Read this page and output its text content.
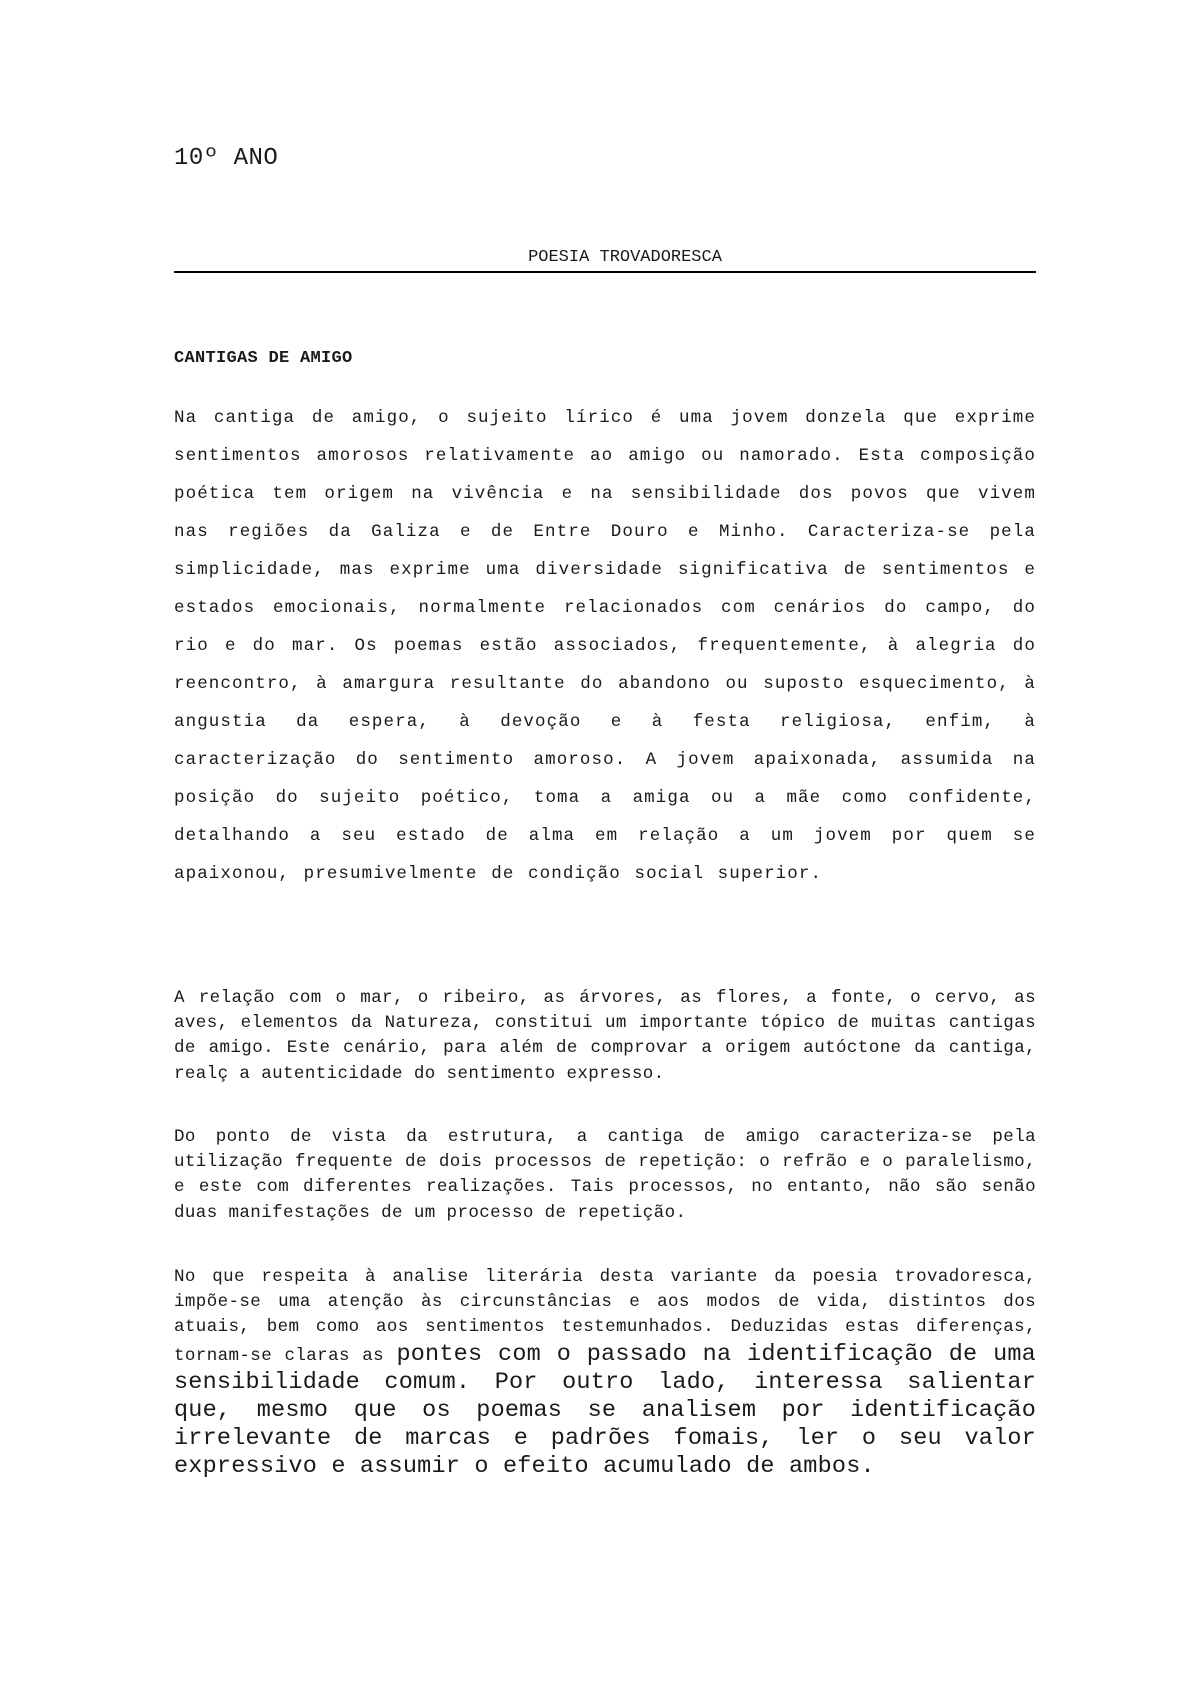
10º ANO
POESIA TROVADORESCA
CANTIGAS DE AMIGO

Na cantiga de amigo, o sujeito lírico é uma jovem donzela que exprime sentimentos amorosos relativamente ao amigo ou namorado. Esta composição poética tem origem na vivência e na sensibilidade dos povos que vivem nas regiões da Galiza e de Entre Douro e Minho. Caracteriza-se pela simplicidade, mas exprime uma diversidade significativa de sentimentos e estados emocionais, normalmente relacionados com cenários do campo, do rio e do mar. Os poemas estão associados, frequentemente, à alegria do reencontro, à amargura resultante do abandono ou suposto esquecimento, à angustia da espera, à devoção e à festa religiosa, enfim, à caracterização do sentimento amoroso. A jovem apaixonada, assumida na posição do sujeito poético, toma a amiga ou a mãe como confidente, detalhando a seu estado de alma em relação a um jovem por quem se apaixonou, presumivelmente de condição social superior.

A relação com o mar, o ribeiro, as árvores, as flores, a fonte, o cervo, as aves, elementos da Natureza, constitui um importante tópico de muitas cantigas de amigo. Este cenário, para além de comprovar a origem autóctone da cantiga, realç a autenticidade do sentimento expresso.

Do ponto de vista da estrutura, a cantiga de amigo caracteriza-se pela utilização frequente de dois processos de repetição: o refrão e o paralelismo, e este com diferentes realizações. Tais processos, no entanto, não são senão duas manifestações de um processo de repetição.

No que respeita à analise literária desta variante da poesia trovadoresca, impõe-se uma atenção às circunstâncias e aos modos de vida, distintos dos atuais, bem como aos sentimentos testemunhados. Deduzidas estas diferenças, tornam-se claras as pontes com o passado na identificação de uma sensibilidade comum. Por outro lado, interessa salientar que, mesmo que os poemas se analisem por identificação irrelevante de marcas e padrões fomais, ler o seu valor expressivo e assumir o efeito acumulado de ambos.
